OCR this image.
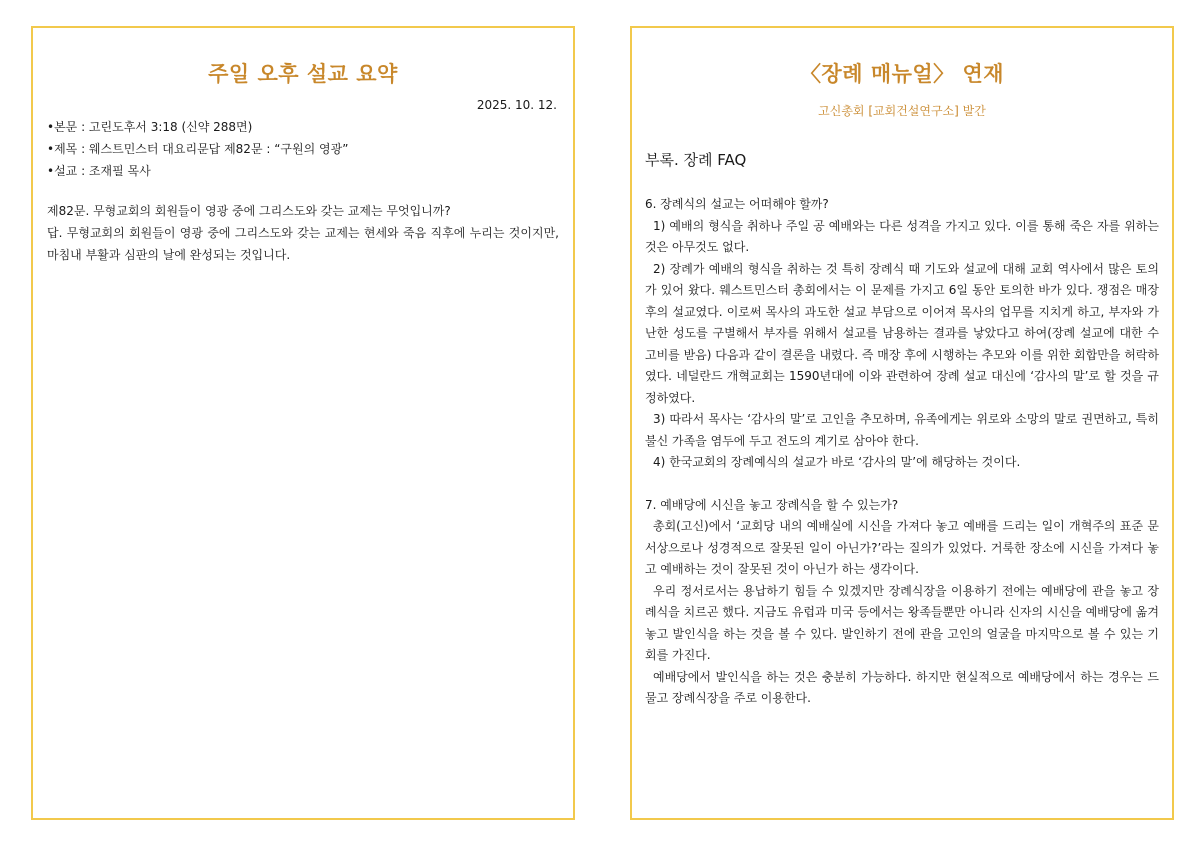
주일 오후 설교 요약
2025. 10. 12.
•본문 : 고린도후서 3:18 (신약 288면)
•제목 : 웨스트민스터 대요리문답 제82문 : “구원의 영광”
•설교 : 조재필 목사
제82문. 무형교회의 회원들이 영광 중에 그리스도와 갖는 교제는 무엇입니까?
답. 무형교회의 회원들이 영광 중에 그리스도와 갖는 교제는 현세와 죽음 직후에 누리는 것이지만, 마침내 부활과 심판의 날에 완성되는 것입니다.
〈장례 매뉴얼〉 연재
고신총회 [교회건설연구소] 발간
부록. 장례 FAQ
6. 장례식의 설교는 어떠해야 할까?

1) 예배의 형식을 취하나 주일 공 예배와는 다른 성격을 가지고 있다. 이를 통해 죽은 자를 위하는 것은 아무것도 없다.

2) 장례가 예배의 형식을 취하는 것 특히 장례식 때 기도와 설교에 대해 교회 역사에서 많은 토의가 있어 왔다. 웨스트민스터 총회에서는 이 문제를 가지고 6일 동안 토의한 바가 있다. 쟁점은 매장 후의 설교였다. 이로써 목사의 과도한 설교 부담으로 이어져 목사의 업무를 지치게 하고, 부자와 가난한 성도를 구별해서 부자를 위해서 설교를 남용하는 결과를 낳았다고 하여(장례 설교에 대한 수고비를 받음) 다음과 같이 결론을 내렸다. 즉 매장 후에 시행하는 추모와 이를 위한 회합만을 허락하였다. 네덜란드 개혁교회는 1590년대에 이와 관련하여 장례 설교 대신에 ‘감사의 말’로 할 것을 규정하였다.

3) 따라서 목사는 ‘감사의 말’로 고인을 추모하며, 유족에게는 위로와 소망의 말로 권면하고, 특히 불신 가족을 염두에 두고 전도의 계기로 삼아야 한다.

4) 한국교회의 장례예식의 설교가 바로 ‘감사의 말’에 해당하는 것이다.

7. 예배당에 시신을 놓고 장례식을 할 수 있는가?

총회(고신)에서 ‘교회당 내의 예배실에 시신을 가져다 놓고 예배를 드리는 일이 개혁주의 표준 문서상으로나 성경적으로 잘못된 일이 아닌가?’라는 질의가 있었다. 거룩한 장소에 시신을 가져다 놓고 예배하는 것이 잘못된 것이 아닌가 하는 생각이다.

우리 정서로서는 용납하기 힘들 수 있겠지만 장례식장을 이용하기 전에는 예배당에 관을 놓고 장례식을 치르곤 했다. 지금도 유럽과 미국 등에서는 왕족들뿐만 아니라 신자의 시신을 예배당에 옮겨놓고 발인식을 하는 것을 볼 수 있다. 발인하기 전에 관을 고인의 얼굴을 마지막으로 볼 수 있는 기회를 가진다.

예배당에서 발인식을 하는 것은 충분히 가능하다. 하지만 현실적으로 예배당에서 하는 경우는 드물고 장례식장을 주로 이용한다.
